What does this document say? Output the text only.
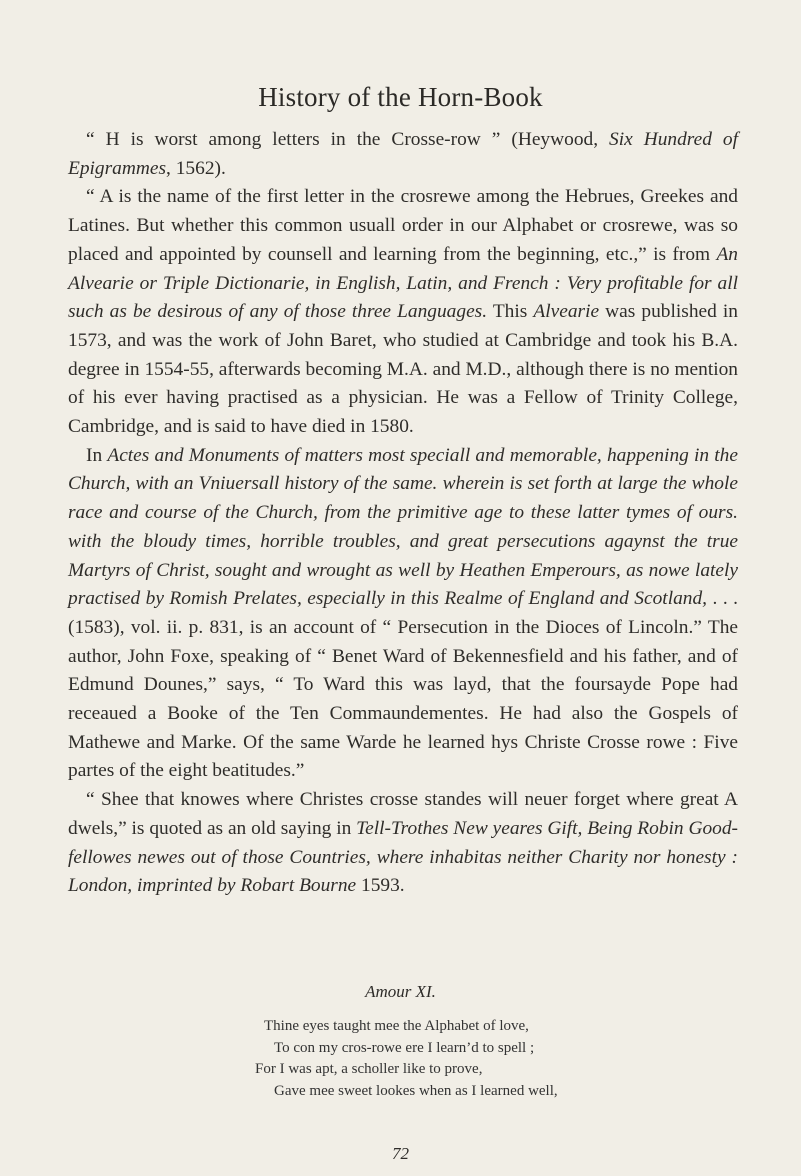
History of the Horn-Book

“ H is worst among letters in the Crosse-row ” (Heywood, Six Hundred of Epigrammes, 1562).

“ A is the name of the first letter in the crosrewe among the Hebrues, Greekes and Latines. But whether this common usuall order in our Alphabet or crosrewe, was so placed and appointed by counsell and learning from the beginning, etc.,” is from An Alvearie or Triple Dictionarie, in English, Latin, and French : Very profitable for all such as be desirous of any of those three Languages. This Alvearie was published in 1573, and was the work of John Baret, who studied at Cambridge and took his B.A. degree in 1554-55, afterwards becoming M.A. and M.D., although there is no mention of his ever having practised as a physician. He was a Fellow of Trinity College, Cambridge, and is said to have died in 1580.

In Actes and Monuments of matters most speciall and memorable, happening in the Church, with an Vniuersall history of the same. wherein is set forth at large the whole race and course of the Church, from the primitive age to these latter tymes of ours. with the bloudy times, horrible troubles, and great persecutions agaynst the true Martyrs of Christ, sought and wrought as well by Heathen Emperours, as nowe lately practised by Romish Prelates, especially in this Realme of England and Scotland, . . . (1583), vol. ii. p. 831, is an account of “ Persecution in the Dioces of Lincoln.” The author, John Foxe, speaking of “ Benet Ward of Bekennesfield and his father, and of Edmund Dounes,” says, “ To Ward this was layd, that the foursayde Pope had receaued a Booke of the Ten Commaundementes. He had also the Gospels of Mathewe and Marke. Of the same Warde he learned hys Christe Crosse rowe : Five partes of the eight beatitudes.”

“ Shee that knowes where Christes crosse standes will neuer forget where great A dwels,” is quoted as an old saying in Tell-Trothes New yeares Gift, Being Robin Good-fellowes newes out of those Countries, where inhabitas neither Charity nor honesty : London, imprinted by Robart Bourne 1593.

Amour XI.
Thine eyes taught mee the Alphabet of love,
To con my cros-rowe ere I learn’d to spell ;
For I was apt, a scholler like to prove,
Gave mee sweet lookes when as I learned well,
72
